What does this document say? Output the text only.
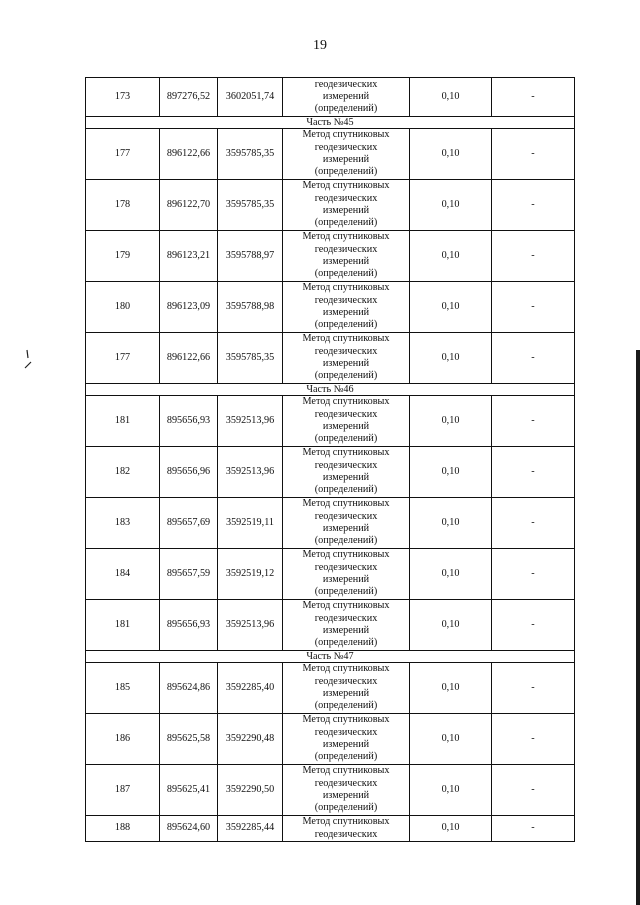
19
173	897276,52	3602051,74	геодезических
измерений
(определений)	0,10	-
Часть №45					
177	896122,66	3595785,35	Метод спутниковых
геодезических
измерений
(определений)	0,10	-
178	896122,70	3595785,35	Метод спутниковых
геодезических
измерений
(определений)	0,10	-
179	896123,21	3595788,97	Метод спутниковых
геодезических
измерений
(определений)	0,10	-
180	896123,09	3595788,98	Метод спутниковых
геодезических
измерений
(определений)	0,10	-
177	896122,66	3595785,35	Метод спутниковых
геодезических
измерений
(определений)	0,10	-
Часть №46					
181	895656,93	3592513,96	Метод спутниковых
геодезических
измерений
(определений)	0,10	-
182	895656,96	3592513,96	Метод спутниковых
геодезических
измерений
(определений)	0,10	-
183	895657,69	3592519,11	Метод спутниковых
геодезических
измерений
(определений)	0,10	-
184	895657,59	3592519,12	Метод спутниковых
геодезических
измерений
(определений)	0,10	-
181	895656,93	3592513,96	Метод спутниковых
геодезических
измерений
(определений)	0,10	-
Часть №47					
185	895624,86	3592285,40	Метод спутниковых
геодезических
измерений
(определений)	0,10	-
186	895625,58	3592290,48	Метод спутниковых
геодезических
измерений
(определений)	0,10	-
187	895625,41	3592290,50	Метод спутниковых
геодезических
измерений
(определений)	0,10	-
188	895624,60	3592285,44	Метод спутниковых
геодезических	0,10	-
